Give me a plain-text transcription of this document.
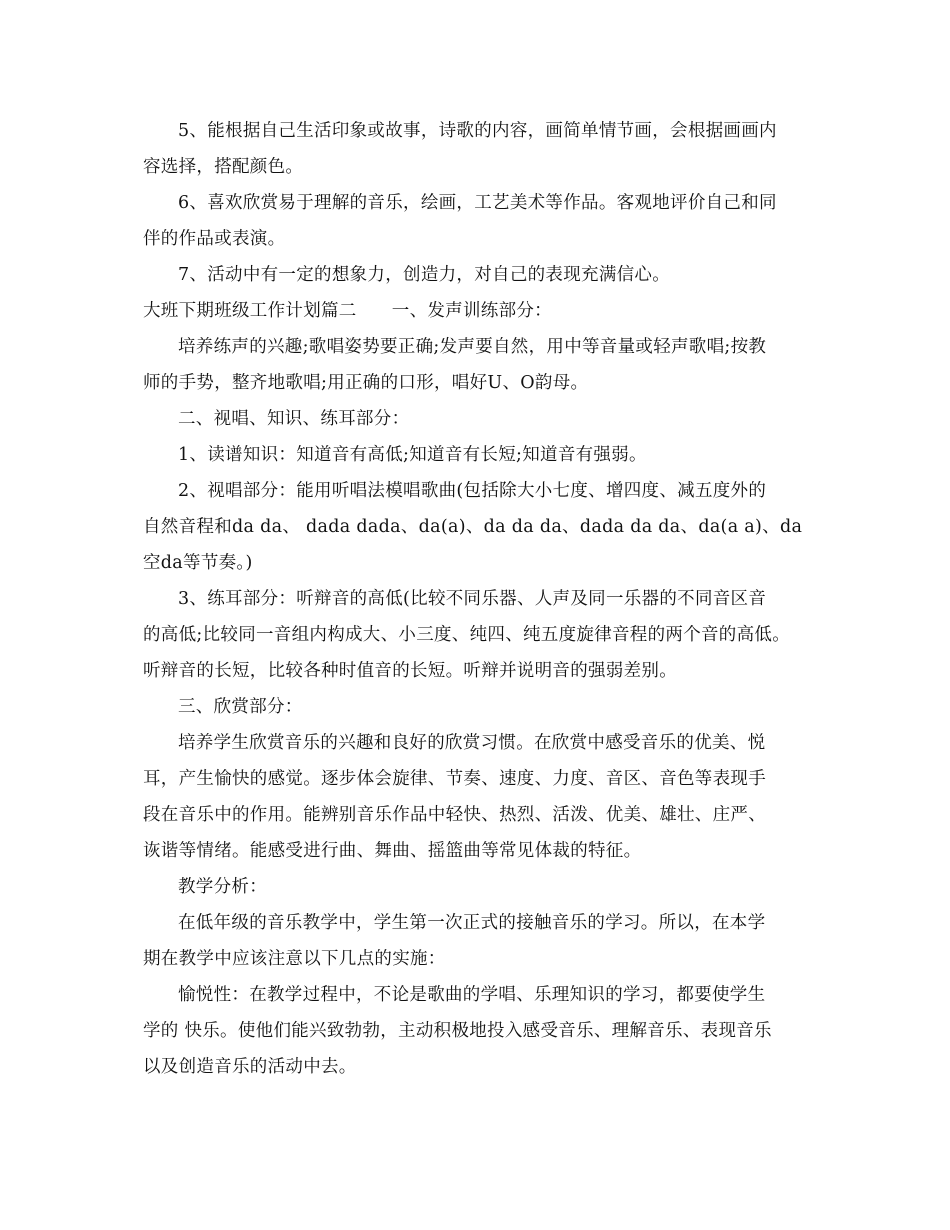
5、能根据自己生活印象或故事，诗歌的内容，画简单情节画，会根据画画内
容选择，搭配颜色。
6、喜欢欣赏易于理解的音乐，绘画，工艺美术等作品。客观地评价自己和同
伴的作品或表演。
7、活动中有一定的想象力，创造力，对自己的表现充满信心。
大班下期班级工作计划篇二      一、发声训练部分：
培养练声的兴趣;歌唱姿势要正确;发声要自然，用中等音量或轻声歌唱;按教
师的手势，整齐地歌唱;用正确的口形，唱好U、O韵母。
二、视唱、知识、练耳部分：
1、读谱知识：知道音有高低;知道音有长短;知道音有强弱。
2、视唱部分：能用听唱法模唱歌曲(包括除大小七度、增四度、减五度外的
自然音程和da da、 dada dada、da(a)、da da da、dada da da、da(a a)、da
空da等节奏。)
3、练耳部分：听辩音的高低(比较不同乐器、人声及同一乐器的不同音区音
的高低;比较同一音组内构成大、小三度、纯四、纯五度旋律音程的两个音的高低。
听辩音的长短，比较各种时值音的长短。听辩并说明音的强弱差别。
三、欣赏部分：
培养学生欣赏音乐的兴趣和良好的欣赏习惯。在欣赏中感受音乐的优美、悦
耳，产生愉快的感觉。逐步体会旋律、节奏、速度、力度、音区、音色等表现手
段在音乐中的作用。能辨别音乐作品中轻快、热烈、活泼、优美、雄壮、庄严、
诙谐等情绪。能感受进行曲、舞曲、摇篮曲等常见体裁的特征。
教学分析：
在低年级的音乐教学中，学生第一次正式的接触音乐的学习。所以，在本学
期在教学中应该注意以下几点的实施：
愉悦性：在教学过程中，不论是歌曲的学唱、乐理知识的学习，都要使学生
学的 快乐。使他们能兴致勃勃，主动积极地投入感受音乐、理解音乐、表现音乐
以及创造音乐的活动中去。
